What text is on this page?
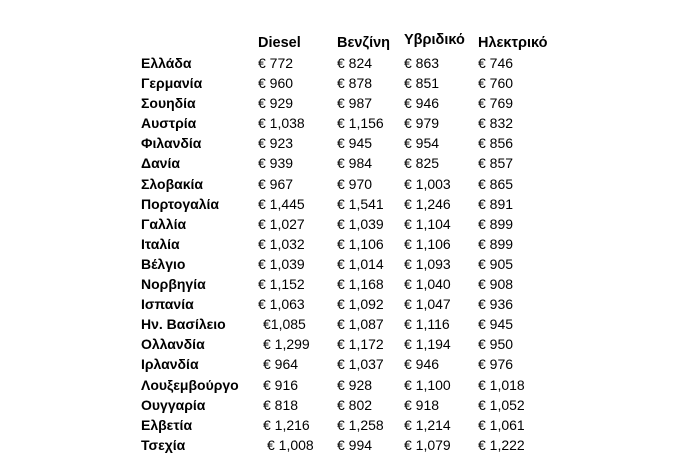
Diesel	Βενζίνη Υβριδικό Ηλεκτρικό
Ελλάδα	€ 772	€ 824 € 863	€ 746
Γερμανία	€ 960	€ 878 € 851	€ 760
Σουηδία	€ 929	€ 987 € 946	€ 769
Αυστρία	€ 1,038 € 1,156 € 979	€ 832
Φιλανδία	€ 923	€ 945 € 954	€ 856
Δανία	€ 939	€ 984 € 825	€ 857
Σλοβακία	€ 967	€ 970 € 1,003 € 865
Πορτογαλία	€ 1,445 € 1,541 € 1,246 € 891
Γαλλία	€ 1,027 € 1,039 € 1,104 € 899
Ιταλία	€ 1,032 € 1,106 € 1,106 € 899
Βέλγιο	€ 1,039 € 1,014 € 1,093 € 905
Νορβηγία	€ 1,152 € 1,168 € 1,040 € 908
Ισπανία	€ 1,063 € 1,092 € 1,047 € 936
Ην. Βασίλειο	€1,085 € 1,087 € 1,116 € 945
Ολλανδία	€ 1,299 € 1,172 € 1,194 € 950
Ιρλανδία	€ 964	€ 1,037 € 946	€ 976
Λουξεμβούργο € 916	€ 928 € 1,100 € 1,018
Ουγγαρία	€ 818	€ 802 € 918	€ 1,052
Ελβετία	€ 1,216 € 1,258 € 1,214 € 1,061
Τσεχία	€ 1,008 € 994 € 1,079 € 1,222
